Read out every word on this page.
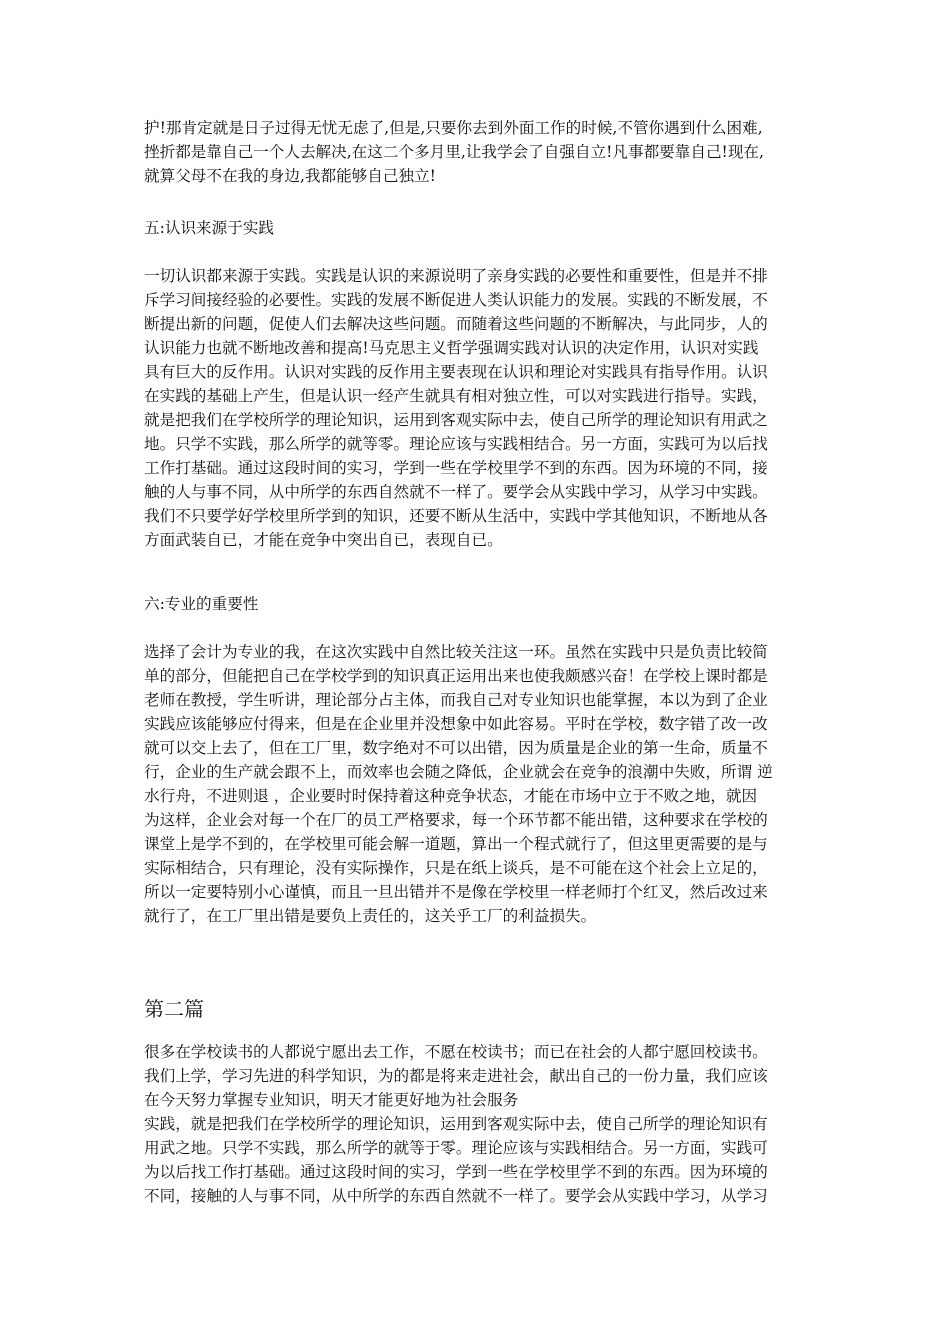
护!那肯定就是日子过得无忧无虑了,但是,只要你去到外面工作的时候,不管你遇到什么困难,
挫折都是靠自己一个人去解决,在这二个多月里,让我学会了自强自立!凡事都要靠自己!现在,
就算父母不在我的身边,我都能够自己独立!
五:认识来源于实践
一切认识都来源于实践。实践是认识的来源说明了亲身实践的必要性和重要性，但是并不排
斥学习间接经验的必要性。实践的发展不断促进人类认识能力的发展。实践的不断发展，不
断提出新的问题，促使人们去解决这些问题。而随着这些问题的不断解决，与此同步，人的
认识能力也就不断地改善和提高!马克思主义哲学强调实践对认识的决定作用，认识对实践
具有巨大的反作用。认识对实践的反作用主要表现在认识和理论对实践具有指导作用。认识
在实践的基础上产生，但是认识一经产生就具有相对独立性，可以对实践进行指导。实践，
就是把我们在学校所学的理论知识，运用到客观实际中去，使自己所学的理论知识有用武之
地。只学不实践，那么所学的就等零。理论应该与实践相结合。另一方面，实践可为以后找
工作打基础。通过这段时间的实习，学到一些在学校里学不到的东西。因为环境的不同，接
触的人与事不同，从中所学的东西自然就不一样了。要学会从实践中学习，从学习中实践。
我们不只要学好学校里所学到的知识，还要不断从生活中，实践中学其他知识，不断地从各
方面武装自已，才能在竞争中突出自已，表现自已。
六:专业的重要性
选择了会计为专业的我，在这次实践中自然比较关注这一环。虽然在实践中只是负责比较简
单的部分，但能把自己在学校学到的知识真正运用出来也使我颇感兴奋！在学校上课时都是
老师在教授，学生听讲，理论部分占主体，而我自己对专业知识也能掌握，本以为到了企业
实践应该能够应付得来，但是在企业里并没想象中如此容易。平时在学校，数字错了改一改
就可以交上去了，但在工厂里，数字绝对不可以出错，因为质量是企业的第一生命，质量不
行，企业的生产就会跟不上，而效率也会随之降低，企业就会在竞争的浪潮中失败，所谓 逆
水行舟，不进则退 ，企业要时时保持着这种竞争状态，才能在市场中立于不败之地，就因
为这样，企业会对每一个在厂的员工严格要求，每一个环节都不能出错，这种要求在学校的
课堂上是学不到的，在学校里可能会解一道题，算出一个程式就行了，但这里更需要的是与
实际相结合，只有理论，没有实际操作，只是在纸上谈兵，是不可能在这个社会上立足的，
所以一定要特别小心谨慎，而且一旦出错并不是像在学校里一样老师打个红叉，然后改过来
就行了，在工厂里出错是要负上责任的，这关乎工厂的利益损失。
第二篇
很多在学校读书的人都说宁愿出去工作，不愿在校读书；而已在社会的人都宁愿回校读书。
我们上学，学习先进的科学知识，为的都是将来走进社会，献出自己的一份力量，我们应该
在今天努力掌握专业知识，明天才能更好地为社会服务
实践，就是把我们在学校所学的理论知识，运用到客观实际中去，使自己所学的理论知识有
用武之地。只学不实践，那么所学的就等于零。理论应该与实践相结合。另一方面，实践可
为以后找工作打基础。通过这段时间的实习，学到一些在学校里学不到的东西。因为环境的
不同，接触的人与事不同，从中所学的东西自然就不一样了。要学会从实践中学习，从学习
